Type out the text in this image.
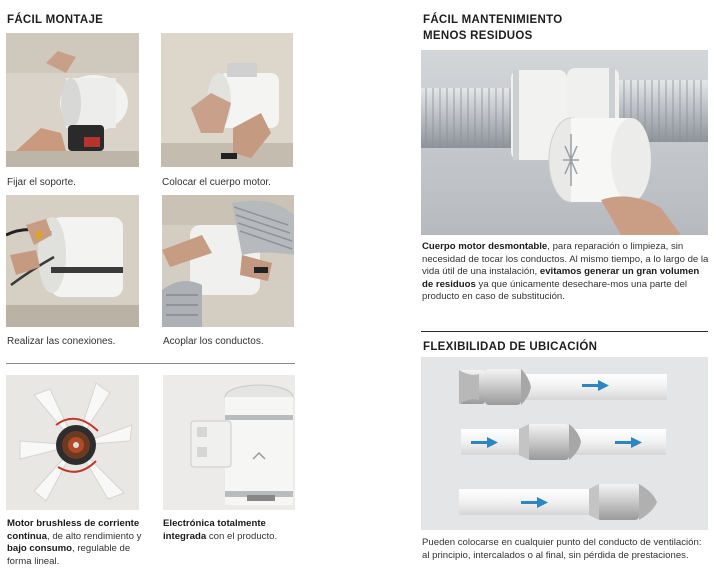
FÁCIL MONTAJE
Fijar el soporte.	Colocar el cuerpo motor.
Realizar las conexiones.	Acoplar los conductos.
Motor brushless de corriente continua, de alto rendimiento y bajo consumo, regulable de forma lineal.
Electrónica totalmente integrada con el producto.
FÁCIL MANTENIMIENTO
MENOS RESIDUOS
Cuerpo motor desmontable, para reparación o limpieza, sin necesidad de tocar los conductos. Al mismo tiempo, a lo largo de la vida útil de una instalación, evitamos generar un gran volumen de residuos ya que únicamente desechare-mos una parte del producto en caso de substitución.
FLEXIBILIDAD DE UBICACIÓN
Pueden colocarse en cualquier punto del conducto de ventilación: al principio, intercalados o al final, sin pérdida de prestaciones.
